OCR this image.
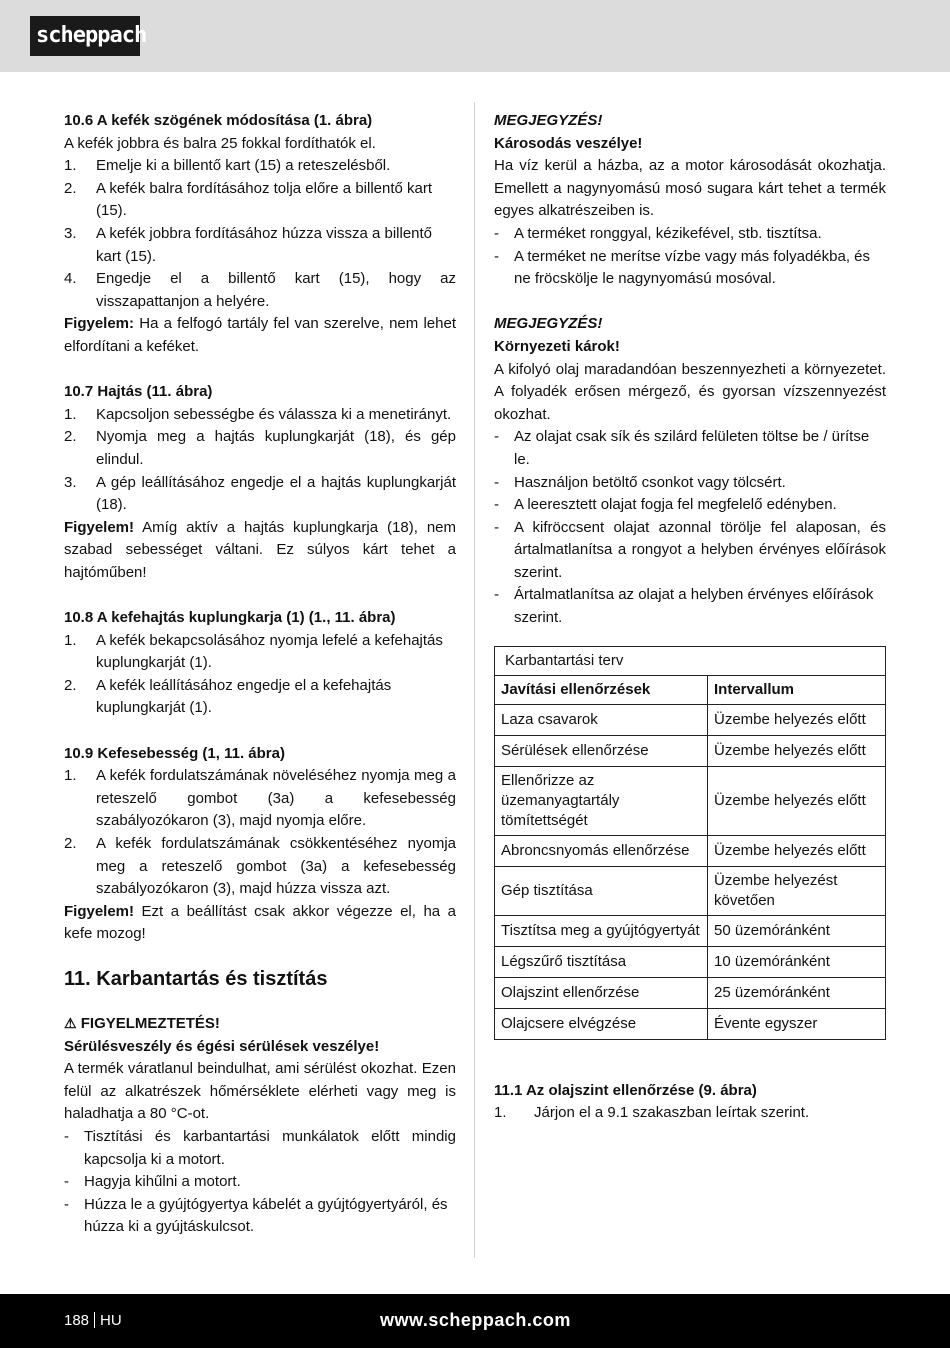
scheppach

10.6 A kefék szögének módosítása (1. ábra)

A kefék jobbra és balra 25 fokkal fordíthatók el.

1.	Emelje ki a billentő kart (15) a reteszelésből.
2.	A kefék balra fordításához tolja előre a billentő kart (15).
3.	A kefék jobbra fordításához húzza vissza a billentő kart (15).
4.	Engedje el a billentő kart (15), hogy az visszapattanjon a helyére.

Figyelem: Ha a felfogó tartály fel van szerelve, nem lehet elfordítani a keféket.

10.7 Hajtás (11. ábra)

1.	Kapcsoljon sebességbe és válassza ki a menetirányt.
2.	Nyomja meg a hajtás kuplungkarját (18), és gép elindul.
3.	A gép leállításához engedje el a hajtás kuplungkarját (18).

Figyelem! Amíg aktív a hajtás kuplungkarja (18), nem szabad sebességet váltani. Ez súlyos kárt tehet a hajtóműben!

10.8 A kefehajtás kuplungkarja (1) (1., 11. ábra)

1.	A kefék bekapcsolásához nyomja lefelé a kefehajtás kuplungkarját (1).
2.	A kefék leállításához engedje el a kefehajtás kuplungkarját (1).

10.9 Kefesebesség (1, 11. ábra)

1.	A kefék fordulatszámának növeléséhez nyomja meg a reteszelő gombot (3a) a kefesebesség szabályozókaron (3), majd nyomja előre.
2.	A kefék fordulatszámának csökkentéséhez nyomja meg a reteszelő gombot (3a) a kefesebesség szabályozókaron (3), majd húzza vissza azt.

Figyelem! Ezt a beállítást csak akkor végezze el, ha a kefe mozog!

11. Karbantartás és tisztítás

⚠ FIGYELMEZTETÉS!

Sérülésveszély és égési sérülések veszélye!

A termék váratlanul beindulhat, ami sérülést okozhat. Ezen felül az alkatrészek hőmérséklete elérheti vagy meg is haladhatja a 80 °C-ot.

-	Tisztítási és karbantartási munkálatok előtt mindig kapcsolja ki a motort.
-	Hagyja kihűlni a motort.
-	Húzza le a gyújtógyertya kábelét a gyújtógyertyáról, és húzza ki a gyújtáskulcsot.

MEGJEGYZÉS!

Károsodás veszélye!

Ha víz kerül a házba, az a motor károsodását okozhatja. Emellett a nagynyomású mosó sugara kárt tehet a termék egyes alkatrészeiben is.

-	A terméket ronggyal, kézikefével, stb. tisztítsa.
-	A terméket ne merítse vízbe vagy más folyadékba, és ne fröcskölje le nagynyomású mosóval.

MEGJEGYZÉS!

Környezeti károk!

A kifolyó olaj maradandóan beszennyezheti a környezetet. A folyadék erősen mérgező, és gyorsan vízszennyezést okozhat.

-	Az olajat csak sík és szilárd felületen töltse be / ürítse le.
-	Használjon betöltő csonkot vagy tölcsért.
-	A leeresztett olajat fogja fel megfelelő edényben.
-	A kifröccsent olajat azonnal törölje fel alaposan, és ártalmatlanítsa a rongyot a helyben érvényes előírások szerint.
-	Ártalmatlanítsa az olajat a helyben érvényes előírások szerint.
Karbantartási terv	
Javítási ellenőrzések	Intervallum
Laza csavarok	Üzembe helyezés előtt
Sérülések ellenőrzése	Üzembe helyezés előtt
Ellenőrizze az üzemanyagtartály tömítettségét	Üzembe helyezés előtt
Abroncsnyomás ellenőrzése	Üzembe helyezés előtt
Gép tisztítása	Üzembe helyezést követően
Tisztítsa meg a gyújtógyertyát	50 üzemóránként
Légszűrő tisztítása	10 üzemóránként
Olajszint ellenőrzése	25 üzemóránként
Olajcsere elvégzése	Évente egyszer

11.1 Az olajszint ellenőrzése (9. ábra)

1.	Járjon el a 9.1 szakaszban leírtak szerint.
188 HU	www.scheppach.com
